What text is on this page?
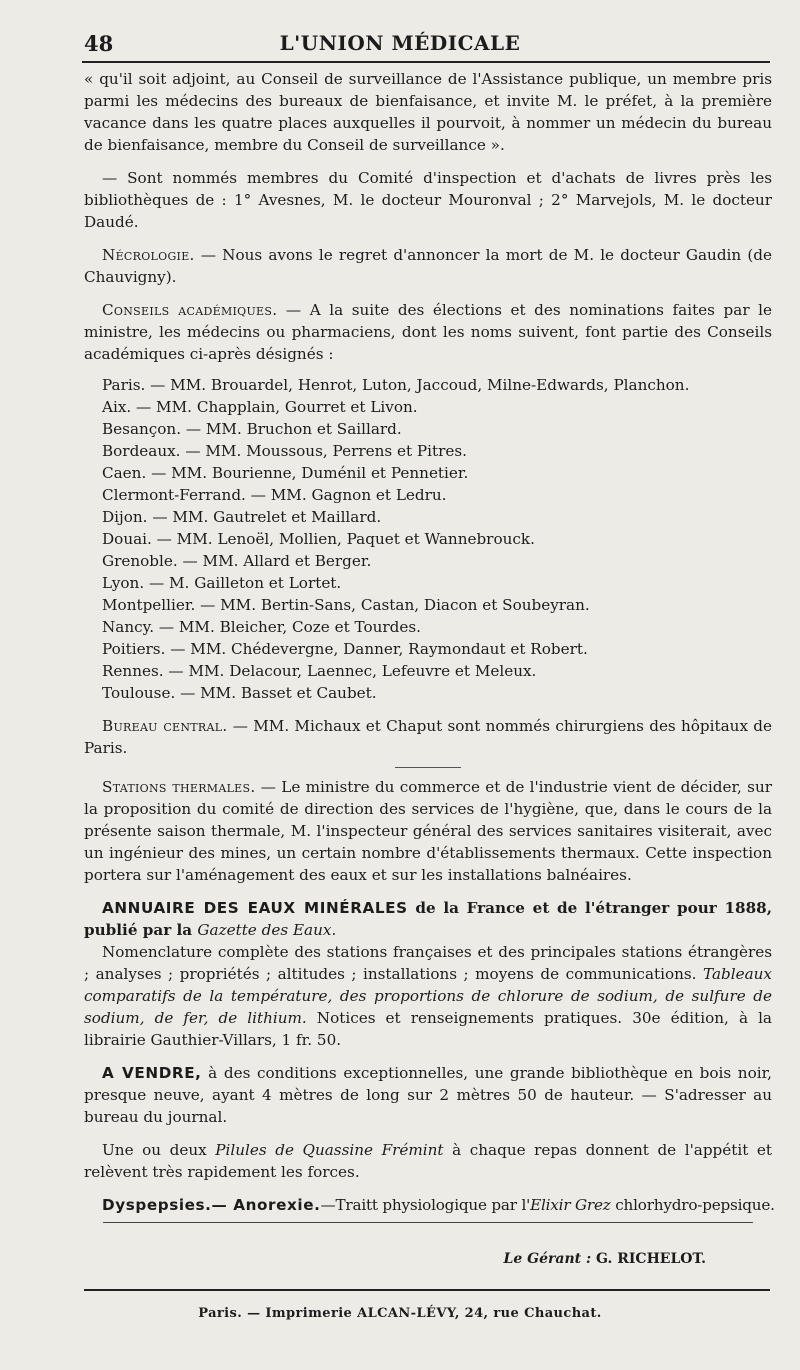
48	L'UNION MÉDICALE

« qu'il soit adjoint, au Conseil de surveillance de l'Assistance publique, un membre pris parmi les médecins des bureaux de bienfaisance, et invite M. le préfet, à la première vacance dans les quatre places auxquelles il pourvoit, à nommer un médecin du bureau de bienfaisance, membre du Conseil de surveillance ».

— Sont nommés membres du Comité d'inspection et d'achats de livres près les bibliothèques de : 1° Avesnes, M. le docteur Mouronval ; 2° Marvejols, M. le docteur Daudé.

Nécrologie. — Nous avons le regret d'annoncer la mort de M. le docteur Gaudin (de Chauvigny).

Conseils académiques. — A la suite des élections et des nominations faites par le ministre, les médecins ou pharmaciens, dont les noms suivent, font partie des Conseils académiques ci-après désignés :

Paris. — MM. Brouardel, Henrot, Luton, Jaccoud, Milne-Edwards, Planchon.
Aix. — MM. Chapplain, Gourret et Livon.
Besançon. — MM. Bruchon et Saillard.
Bordeaux. — MM. Moussous, Perrens et Pitres.
Caen. — MM. Bourienne, Duménil et Pennetier.
Clermont-Ferrand. — MM. Gagnon et Ledru.
Dijon. — MM. Gautrelet et Maillard.
Douai. — MM. Lenoël, Mollien, Paquet et Wannebrouck.
Grenoble. — MM. Allard et Berger.
Lyon. — M. Gailleton et Lortet.
Montpellier. — MM. Bertin-Sans, Castan, Diacon et Soubeyran.
Nancy. — MM. Bleicher, Coze et Tourdes.
Poitiers. — MM. Chédevergne, Danner, Raymondaut et Robert.
Rennes. — MM. Delacour, Laennec, Lefeuvre et Meleux.
Toulouse. — MM. Basset et Caubet.

Bureau central. — MM. Michaux et Chaput sont nommés chirurgiens des hôpitaux de Paris.

Stations thermales. — Le ministre du commerce et de l'industrie vient de décider, sur la proposition du comité de direction des services de l'hygiène, que, dans le cours de la présente saison thermale, M. l'inspecteur général des services sanitaires visiterait, avec un ingénieur des mines, un certain nombre d'établissements thermaux. Cette inspection portera sur l'aménagement des eaux et sur les installations balnéaires.

ANNUAIRE DES EAUX MINÉRALES de la France et de l'étranger pour 1888, publié par la Gazette des Eaux.

Nomenclature complète des stations françaises et des principales stations étrangères ; analyses ; propriétés ; altitudes ; installations ; moyens de communications. Tableaux comparatifs de la température, des proportions de chlorure de sodium, de sulfure de sodium, de fer, de lithium. Notices et renseignements pratiques. 30e édition, à la librairie Gauthier-Villars, 1 fr. 50.

A VENDRE, à des conditions exceptionnelles, une grande bibliothèque en bois noir, presque neuve, ayant 4 mètres de long sur 2 mètres 50 de hauteur. — S'adresser au bureau du journal.

Une ou deux Pilules de Quassine Frémint à chaque repas donnent de l'appétit et relèvent très rapidement les forces.

Dyspepsies.— Anorexie.—Traitt physiologique par l'Elixir Grez chlorhydro-pepsique.

Le Gérant : G. RICHELOT.
Paris. — Imprimerie ALCAN-LÉVY, 24, rue Chauchat.
